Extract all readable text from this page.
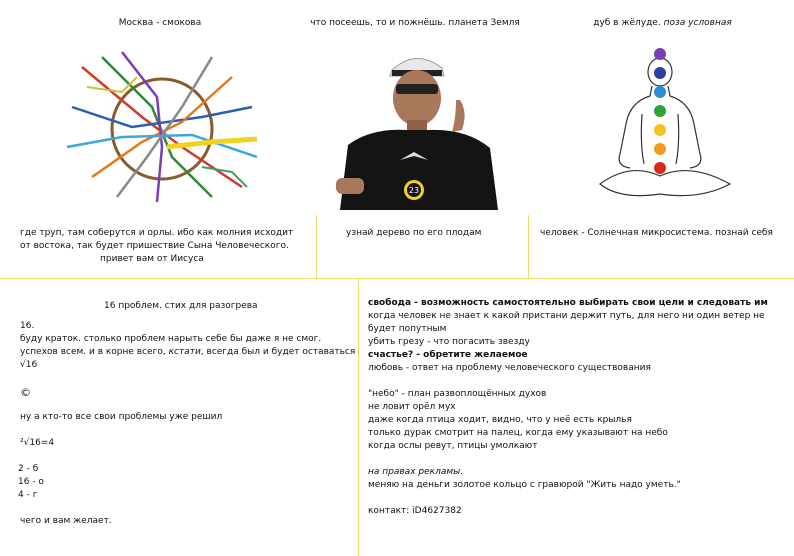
Москва - смокова
где труп, там соберутся и орлы. ибо как молния исходит от востока, так будет пришествие Сына Человеческого.
привет вам от Иисуса
что посеешь, то и пожнёшь. планета Земля
23
узнай дерево по его плодам
дуб в жёлуде. поза условная
человек - Солнечная микросистема. познай себя
16 проблем. стих для разогрева
16.
буду краток. столько проблем нарыть себе бы даже я не смог.
успехов всем. и в корне всего, кстати, всегда был и будет оставаться
√16
©
ну а кто-то все свои проблемы уже решил
²√16=4
2 - б
16 - о
4 - г
чего и вам желает.
свобода - возможность самостоятельно выбирать свои цели и следовать им
когда человек не знает к какой пристани держит путь, для него ни один ветер не будет попутным
убить грезу - что погасить звезду
счастье? - обретите желаемое
любовь - ответ на проблему человеческого существования
"небо" - план развоплощённых духов
не ловит орёл мух
даже когда птица ходит, видно, что у неё есть крылья
только дурак смотрит на палец, когда ему указывают на небо
когда ослы ревут, птицы умолкают
на правах рекламы.
меняю на деньги золотое кольцо с гравюрой "Жить надо уметь."
контакт: iD4627382
